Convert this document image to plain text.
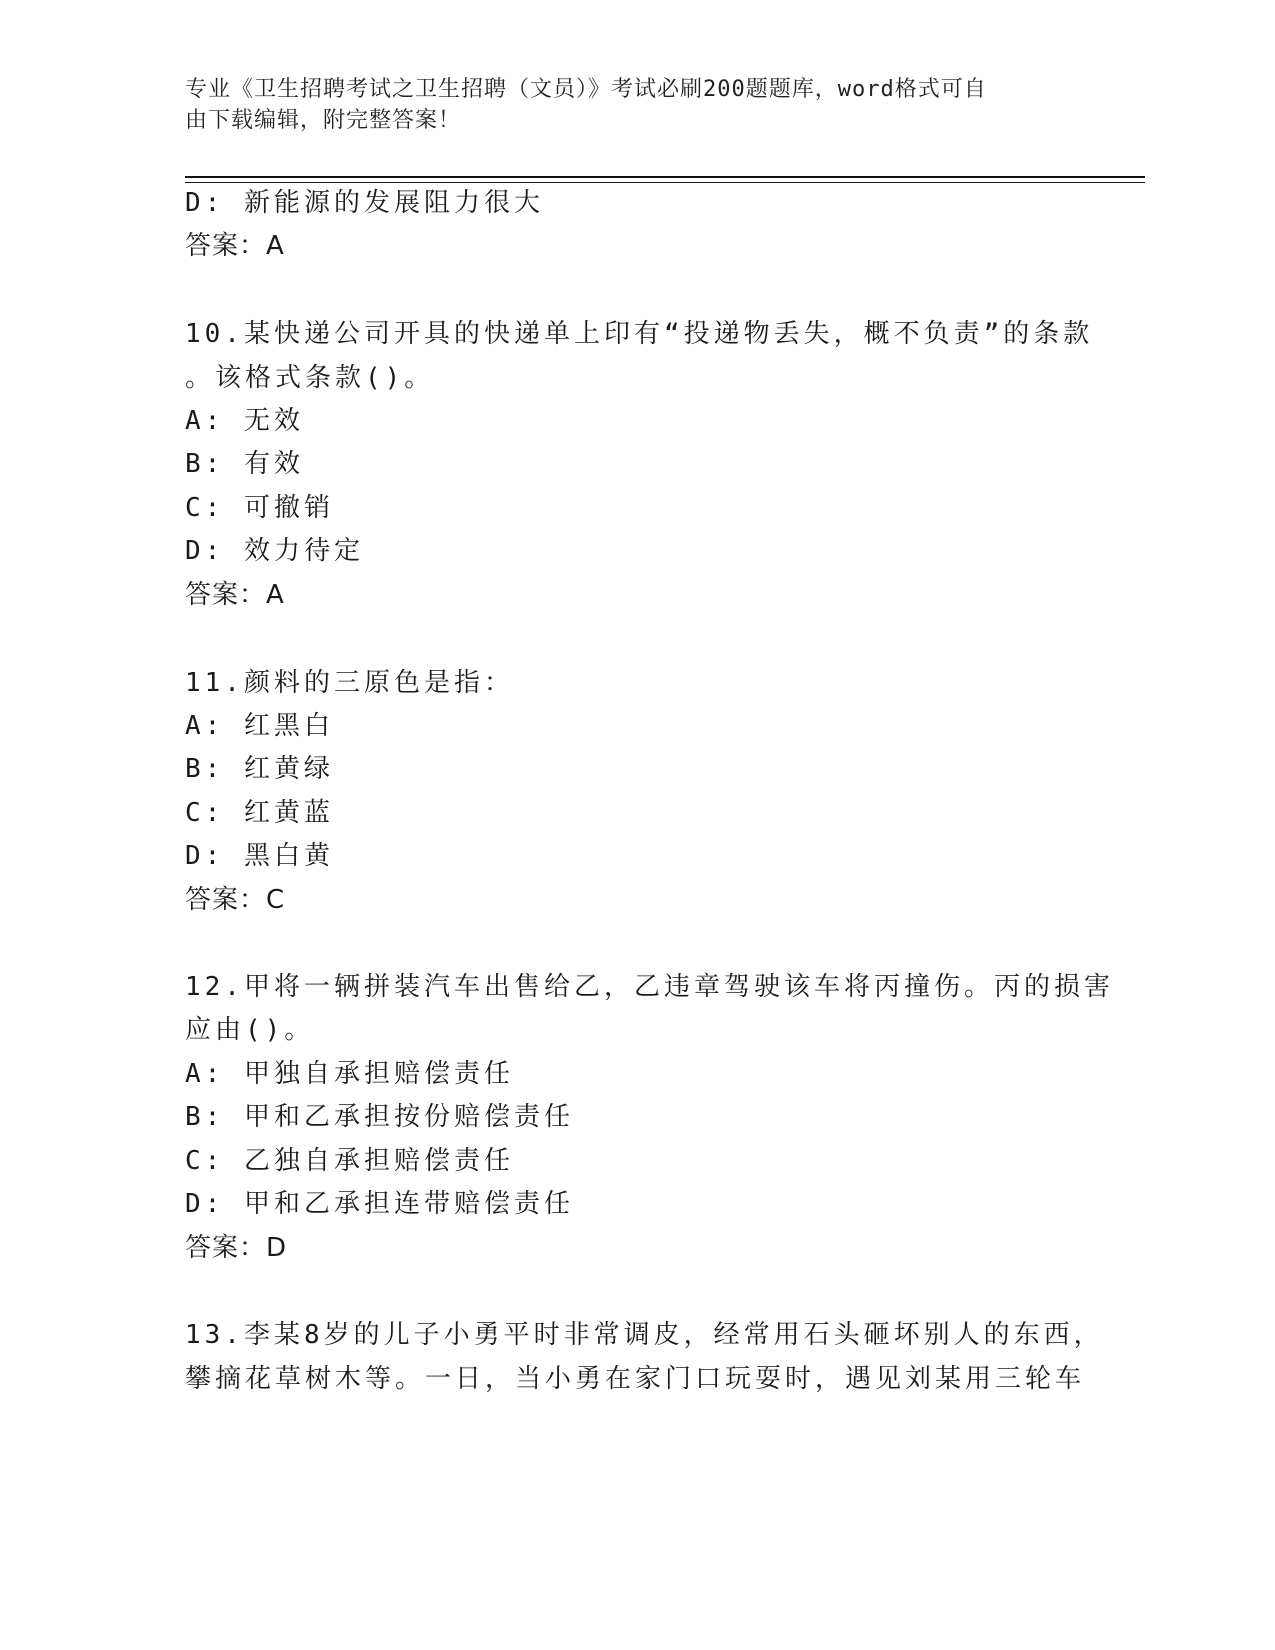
专业《卫生招聘考试之卫生招聘（文员）》考试必刷200题题库，word格式可自
由下载编辑，附完整答案！
D: 新能源的发展阻力很大
答案：A
10.某快递公司开具的快递单上印有“投递物丢失，概不负责”的条款
。该格式条款()。
A: 无效
B: 有效
C: 可撤销
D: 效力待定
答案：A
11.颜料的三原色是指：
A: 红黑白
B: 红黄绿
C: 红黄蓝
D: 黑白黄
答案：C
12.甲将一辆拼装汽车出售给乙，乙违章驾驶该车将丙撞伤。丙的损害
应由()。
A: 甲独自承担赔偿责任
B: 甲和乙承担按份赔偿责任
C: 乙独自承担赔偿责任
D: 甲和乙承担连带赔偿责任
答案：D
13.李某8岁的儿子小勇平时非常调皮，经常用石头砸坏别人的东西，
攀摘花草树木等。一日，当小勇在家门口玩耍时，遇见刘某用三轮车
